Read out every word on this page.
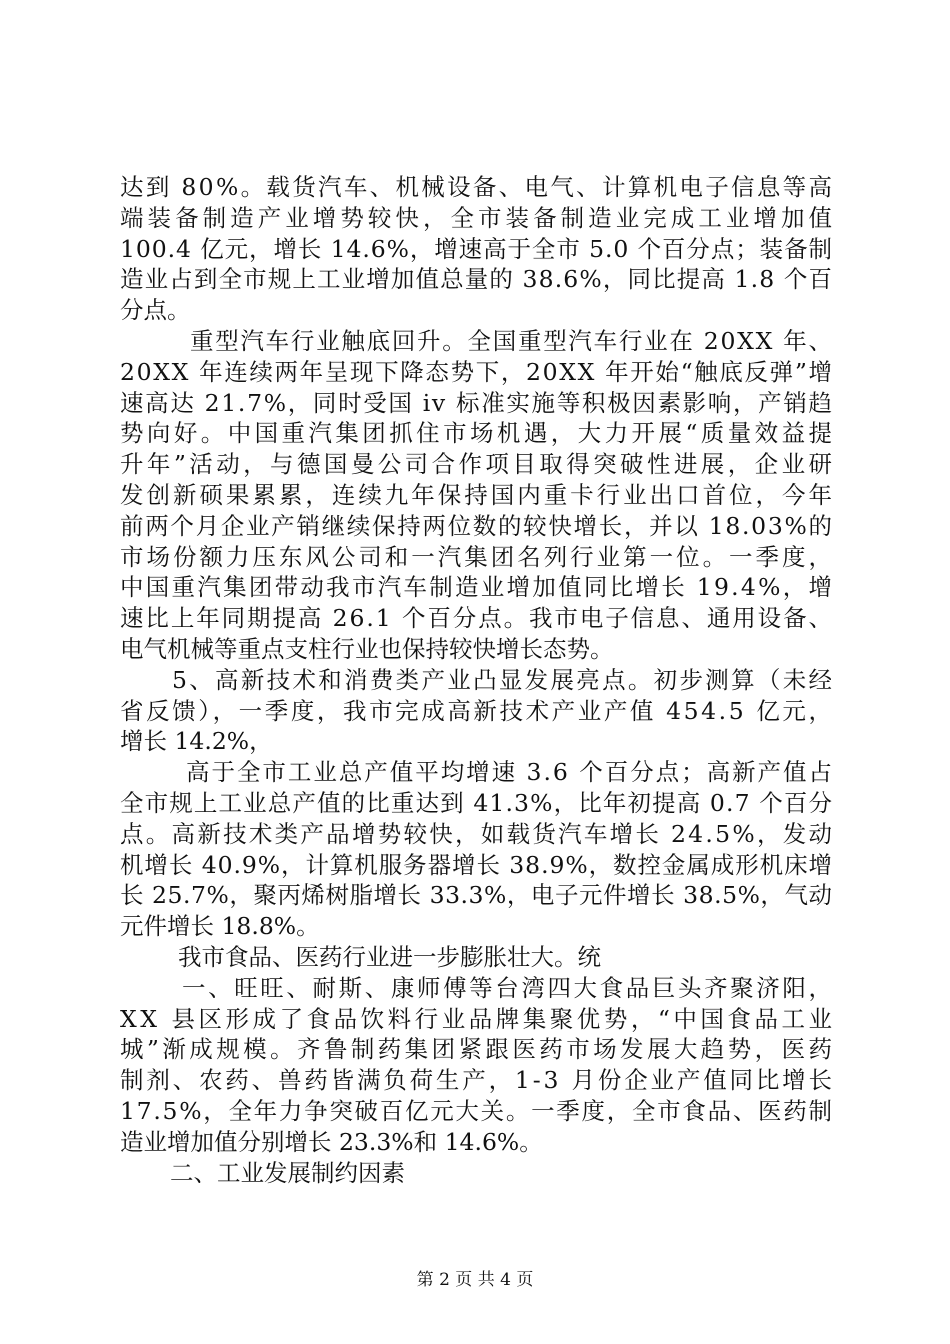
达到 80%。载货汽车、机械设备、电气、计算机电子信息等高
端装备制造产业增势较快，全市装备制造业完成工业增加值
100.4 亿元，增长 14.6%，增速高于全市 5.0 个百分点；装备制
造业占到全市规上工业增加值总量的 38.6%，同比提高 1.8 个百
分点。
重型汽车行业触底回升。全国重型汽车行业在 20XX 年、
20XX 年连续两年呈现下降态势下，20XX 年开始“触底反弹”增
速高达 21.7%，同时受国 iv 标准实施等积极因素影响，产销趋
势向好。中国重汽集团抓住市场机遇，大力开展“质量效益提
升年”活动，与德国曼公司合作项目取得突破性进展，企业研
发创新硕果累累，连续九年保持国内重卡行业出口首位，今年
前两个月企业产销继续保持两位数的较快增长，并以 18.03%的
市场份额力压东风公司和一汽集团名列行业第一位。一季度，
中国重汽集团带动我市汽车制造业增加值同比增长 19.4%，增
速比上年同期提高 26.1 个百分点。我市电子信息、通用设备、
电气机械等重点支柱行业也保持较快增长态势。
5、高新技术和消费类产业凸显发展亮点。初步测算（未经
省反馈），一季度，我市完成高新技术产业产值 454.5 亿元，
增长 14.2%，
高于全市工业总产值平均增速 3.6 个百分点；高新产值占
全市规上工业总产值的比重达到 41.3%，比年初提高 0.7 个百分
点。高新技术类产品增势较快，如载货汽车增长 24.5%，发动
机增长 40.9%，计算机服务器增长 38.9%，数控金属成形机床增
长 25.7%，聚丙烯树脂增长 33.3%，电子元件增长 38.5%，气动
元件增长 18.8%。
我市食品、医药行业进一步膨胀壮大。统
一、旺旺、耐斯、康师傅等台湾四大食品巨头齐聚济阳，
XX 县区形成了食品饮料行业品牌集聚优势，“中国食品工业
城”渐成规模。齐鲁制药集团紧跟医药市场发展大趋势，医药
制剂、农药、兽药皆满负荷生产，1-3 月份企业产值同比增长
17.5%，全年力争突破百亿元大关。一季度，全市食品、医药制
造业增加值分别增长 23.3%和 14.6%。
二、工业发展制约因素
第 2 页 共 4 页
